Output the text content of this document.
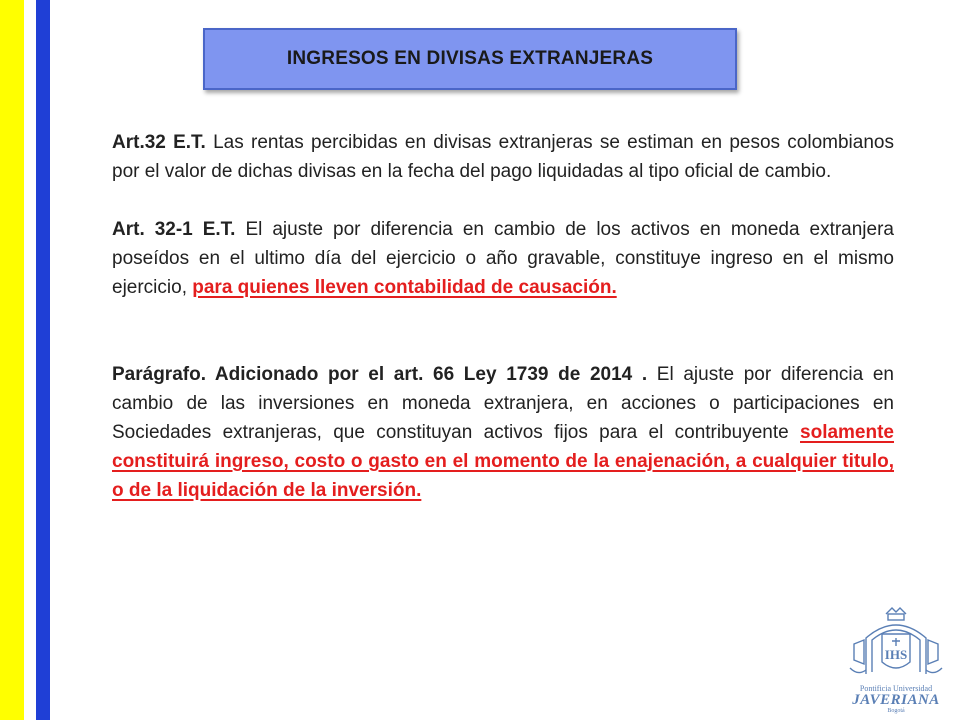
INGRESOS EN DIVISAS EXTRANJERAS

Art.32 E.T. Las rentas percibidas en divisas extranjeras se estiman en pesos colombianos por el valor de dichas divisas en la fecha del pago liquidadas al tipo oficial de cambio.

Art. 32-1 E.T. El ajuste por diferencia en cambio de los activos en moneda extranjera poseídos en el ultimo día del ejercicio o año gravable, constituye ingreso en el mismo ejercicio, para quienes lleven contabilidad de causación.

Parágrafo. Adicionado por el art. 66 Ley 1739 de 2014 . El ajuste por diferencia en cambio de las inversiones en moneda extranjera, en acciones o participaciones en Sociedades extranjeras, que constituyan activos fijos para el contribuyente solamente constituirá ingreso, costo o gasto en el momento de la enajenación, a cualquier titulo, o de la liquidación de la inversión.

IHS
Pontificia Universidad
JAVERIANA
Bogotá
